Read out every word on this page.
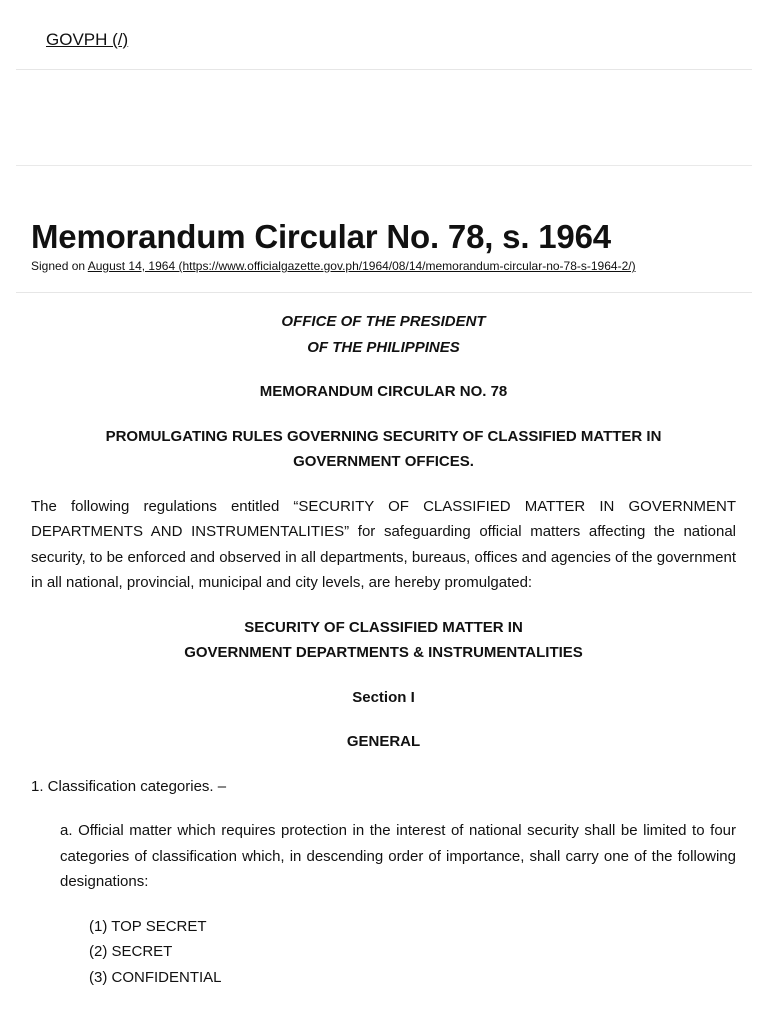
GOVPH (/)
Memorandum Circular No. 78, s. 1964
Signed on August 14, 1964 (https://www.officialgazette.gov.ph/1964/08/14/memorandum-circular-no-78-s-1964-2/)

OFFICE OF THE PRESIDENT
OF THE PHILIPPINES

MEMORANDUM CIRCULAR NO. 78

PROMULGATING RULES GOVERNING SECURITY OF CLASSIFIED MATTER IN GOVERNMENT OFFICES.

The following regulations entitled “SECURITY OF CLASSIFIED MATTER IN GOVERNMENT DEPARTMENTS AND INSTRUMENTALITIES” for safeguarding official matters affecting the national security, to be enforced and observed in all departments, bureaus, offices and agencies of the government in all national, provincial, municipal and city levels, are hereby promulgated:

SECURITY OF CLASSIFIED MATTER IN
GOVERNMENT DEPARTMENTS & INSTRUMENTALITIES

Section I

GENERAL

1. Classification categories. –

a. Official matter which requires protection in the interest of national security shall be limited to four categories of classification which, in descending order of importance, shall carry one of the following designations:

(1) TOP SECRET
(2) SECRET
(3) CONFIDENTIAL
